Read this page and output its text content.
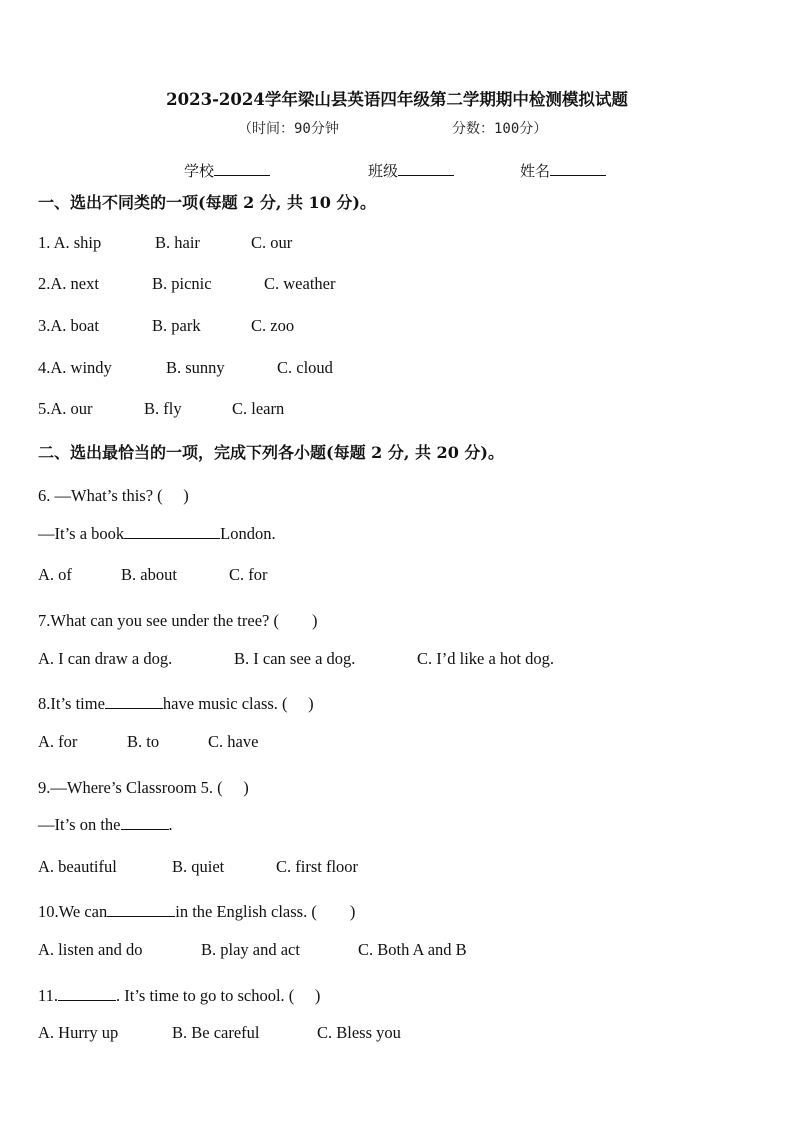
2023-2024学年梁山县英语四年级第二学期期中检测模拟试题
（时间：90分钟	分数：100分）
学校	班级	姓名
一、选出不同类的一项(每题 2 分, 共 10 分)。
1. A. ship	B. hair	C. our
2.A. next	B. picnic	C. weather
3.A. boat	B. park	C. zoo
4.A. windy	B. sunny	C. cloud
5.A. our	B. fly	C. learn
二、选出最恰当的一项，完成下列各小题(每题 2 分, 共 20 分)。
6. —What’s this? (　 )
—It’s a book	London.
A. of	B. about	C. for
7.What can you see under the tree? (　　)
A. I can draw a dog.	B. I can see a dog.	C. I’d like a hot dog.
8.It’s time	have music class. (　 )
A. for	B. to	C. have
9.—Where’s Classroom 5. (　 )
—It’s on the	.
A. beautiful	B. quiet	C. first floor
10.We can	in the English class. (　　)
A. listen and do	B. play and act	C. Both A and B
11.	. It’s time to go to school. (　 )
A. Hurry up	B. Be careful	C. Bless you
